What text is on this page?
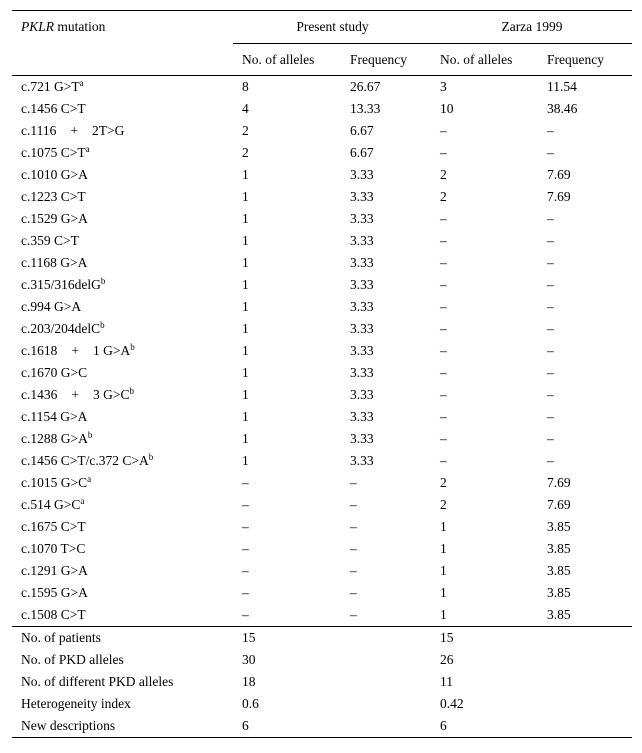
PKLR mutation	Present study		Zarza 1999	
	No. of alleles	Frequency	No. of alleles	Frequency
c.721 $G>T^a$	8	26.67	3	11.54
c.1456 C>T	4	13.33	10	38.46
c.1116 + 2T>G	2	6.67	–	–
c.1075 $C>T^a$	2	6.67	–	–
c.1010 G>A	1	3.33	2	7.69
c.1223 C>T	1	3.33	2	7.69
c.1529 G>A	1	3.33	–	–
c.359 C>T	1	3.33	–	–
c.1168 G>A	1	3.33	–	–
c.315/316delG$^b$	1	3.33	–	–
c.994 G>A	1	3.33	–	–
c.203/204delC$^b$	1	3.33	–	–
c.1618 + 1 $G>A^b$	1	3.33	–	–
c.1670 G>C	1	3.33	–	–
c.1436 + 3 $G>C^b$	1	3.33	–	–
c.1154 G>A	1	3.33	–	–
c.1288 $G>A^b$	1	3.33	–	–
c.1456 C>T/c.372 $C>A^b$	1	3.33	–	–
c.1015 $G>C^a$	–	–	2	7.69
c.514 $G>C^a$	–	–	2	7.69
c.1675 C>T	–	–	1	3.85
c.1070 T>C	–	–	1	3.85
c.1291 G>A	–	–	1	3.85
c.1595 G>A	–	–	1	3.85
c.1508 C>T	–	–	1	3.85
No. of patients	15		15	
No. of PKD alleles	30		26	
No. of different PKD alleles	18		11	
Heterogeneity index	0.6		0.42	
New descriptions	6		6	
